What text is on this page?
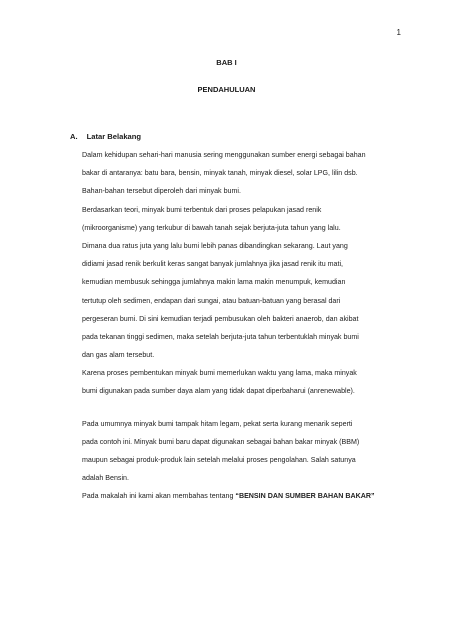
1
BAB I
PENDAHULUAN
A. Latar Belakang
Dalam kehidupan sehari-hari manusia sering menggunakan sumber energi sebagai bahan
bakar di antaranya: batu bara, bensin, minyak tanah, minyak diesel, solar LPG, lilin dsb.
Bahan-bahan tersebut diperoleh dari minyak bumi.
Berdasarkan teori, minyak bumi terbentuk dari proses pelapukan jasad renik
(mikroorganisme) yang terkubur di bawah tanah sejak berjuta-juta tahun yang lalu.
Dimana dua ratus juta yang lalu bumi lebih panas dibandingkan sekarang. Laut yang
didiami jasad renik berkulit keras sangat banyak jumlahnya jika jasad renik itu mati,
kemudian membusuk sehingga jumlahnya makin lama makin menumpuk, kemudian
tertutup oleh sedimen, endapan dari sungai, atau batuan-batuan yang berasal dari
pergeseran bumi. Di sini kemudian terjadi pembusukan oleh bakteri anaerob, dan akibat
pada tekanan tinggi sedimen, maka setelah berjuta-juta tahun terbentuklah minyak bumi
dan gas alam tersebut.
Karena proses pembentukan minyak bumi memerlukan waktu yang lama, maka minyak
bumi digunakan pada sumber daya alam yang tidak dapat diperbaharui (anrenewable).
Pada umumnya minyak bumi tampak hitam legam, pekat serta kurang menarik seperti
pada contoh ini. Minyak bumi baru dapat digunakan sebagai bahan bakar minyak (BBM)
maupun sebagai produk-produk lain setelah melalui proses pengolahan. Salah satunya
adalah Bensin.
Pada makalah ini kami akan membahas tentang “BENSIN DAN SUMBER BAHAN BAKAR”
